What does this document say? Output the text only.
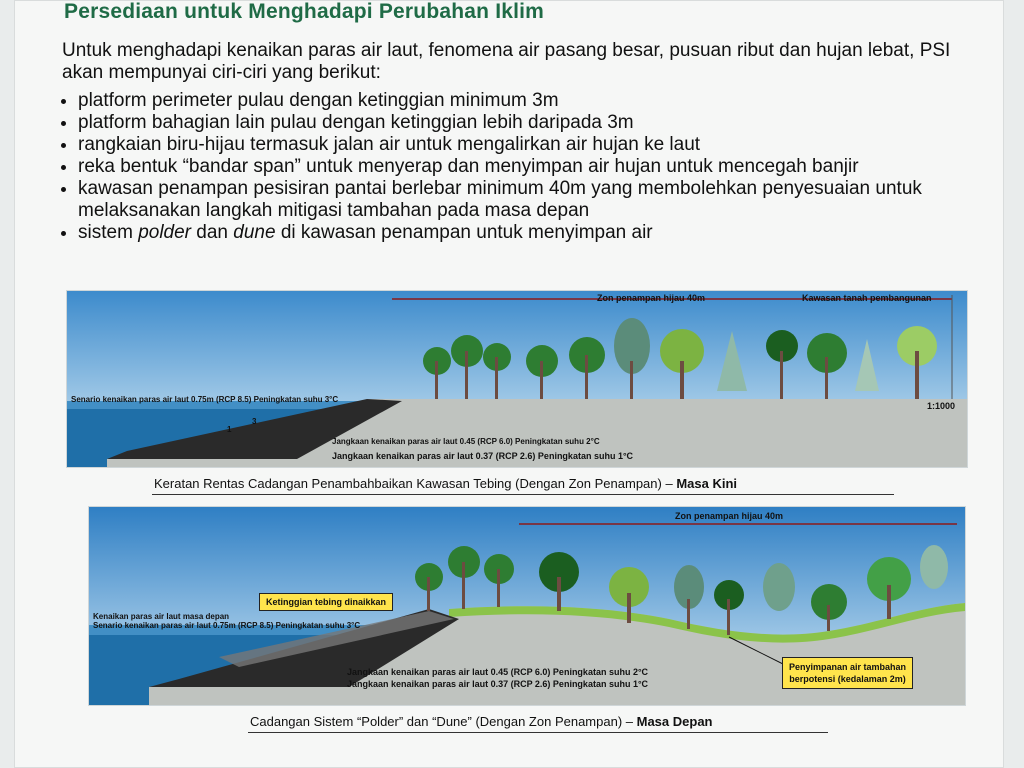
Persediaan untuk Menghadapi Perubahan Iklim
Untuk menghadapi kenaikan paras air laut, fenomena air pasang besar, pusuan ribut dan hujan lebat, PSI akan mempunyai ciri-ciri yang berikut:
• platform perimeter pulau dengan ketinggian minimum 3m
• platform bahagian lain pulau dengan ketinggian lebih daripada 3m
• rangkaian biru-hijau termasuk jalan air untuk mengalirkan air hujan ke laut
• reka bentuk “bandar span” untuk menyerap dan menyimpan air hujan untuk mencegah banjir
• kawasan penampan pesisiran pantai berlebar minimum 40m yang membolehkan penyesuaian untuk melaksanakan langkah mitigasi tambahan pada masa depan
• sistem polder dan dune di kawasan penampan untuk menyimpan air
Zon penampan hijau 40m	Kawasan tanah pembangunan
1:1000
Senario kenaikan paras air laut 0.75m (RCP 8.5) Peningkatan suhu 3°C
1
3
Jangkaan kenaikan paras air laut 0.45 (RCP 6.0) Peningkatan suhu 2°C
Jangkaan kenaikan paras air laut 0.37 (RCP 2.6) Peningkatan suhu 1°C
Keratan Rentas Cadangan Penambahbaikan Kawasan Tebing (Dengan Zon Penampan) – Masa Kini
Zon penampan hijau 40m
Kenaikan paras air laut masa depan
Senario kenaikan paras air laut 0.75m (RCP 8.5) Peningkatan suhu 3°C
Ketinggian tebing dinaikkan
Jangkaan kenaikan paras air laut 0.45 (RCP 6.0) Peningkatan suhu 2°C
Jangkaan kenaikan paras air laut 0.37 (RCP 2.6) Peningkatan suhu 1°C
Penyimpanan air tambahan
berpotensi (kedalaman 2m)
Cadangan Sistem “Polder” dan “Dune” (Dengan Zon Penampan) – Masa Depan
